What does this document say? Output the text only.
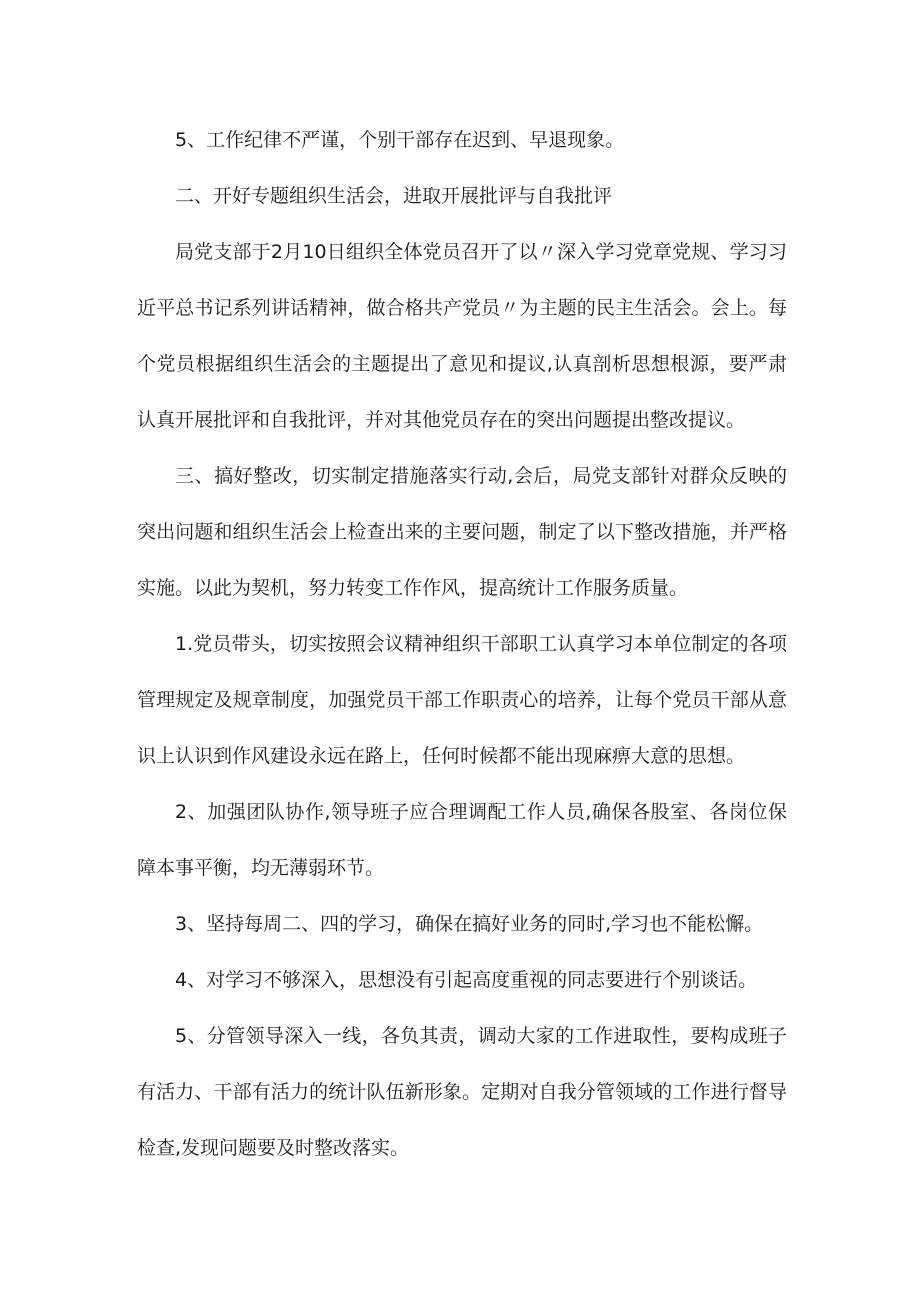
5、工作纪律不严谨，个别干部存在迟到、早退现象。

二、开好专题组织生活会，进取开展批评与自我批评

局党支部于2月10日组织全体党员召开了以〃深入学习党章党规、学习习近平总书记系列讲话精神，做合格共产党员〃为主题的民主生活会。会上。每个党员根据组织生活会的主题提出了意见和提议,认真剖析思想根源，要严肃认真开展批评和自我批评，并对其他党员存在的突出问题提出整改提议。

三、搞好整改，切实制定措施落实行动,会后，局党支部针对群众反映的突出问题和组织生活会上检查出来的主要问题，制定了以下整改措施，并严格实施。以此为契机，努力转变工作作风，提高统计工作服务质量。

1.党员带头，切实按照会议精神组织干部职工认真学习本单位制定的各项管理规定及规章制度，加强党员干部工作职责心的培养，让每个党员干部从意识上认识到作风建设永远在路上，任何时候都不能出现麻痹大意的思想。

2、加强团队协作,领导班子应合理调配工作人员,确保各股室、各岗位保障本事平衡，均无薄弱环节。

3、坚持每周二、四的学习，确保在搞好业务的同时,学习也不能松懈。

4、对学习不够深入，思想没有引起高度重视的同志要进行个别谈话。

5、分管领导深入一线，各负其责，调动大家的工作进取性，要构成班子有活力、干部有活力的统计队伍新形象。定期对自我分管领域的工作进行督导检查,发现问题要及时整改落实。
